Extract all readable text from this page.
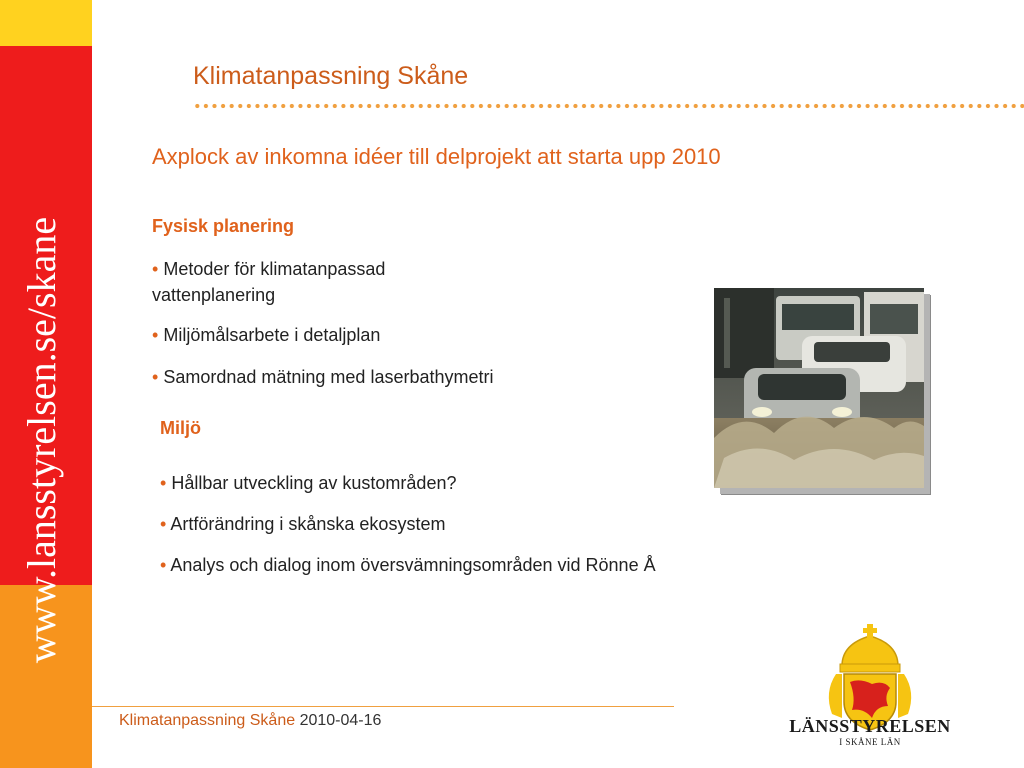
www.lansstyrelsen.se/skane
Klimatanpassning Skåne
Axplock av inkomna idéer till delprojekt att starta upp 2010
Fysisk planering
• Metoder för klimatanpassad vattenplanering
• Miljömålsarbete i detaljplan
• Samordnad mätning med laserbathymetri
Miljö
• Hållbar utveckling av kustområden?
• Artförändring i skånska ekosystem
• Analys och dialog inom översvämningsområden vid Rönne Å
Klimatanpassning Skåne 2010-04-16	LÄNSSTYRELSEN
I SKÅNE LÄN
